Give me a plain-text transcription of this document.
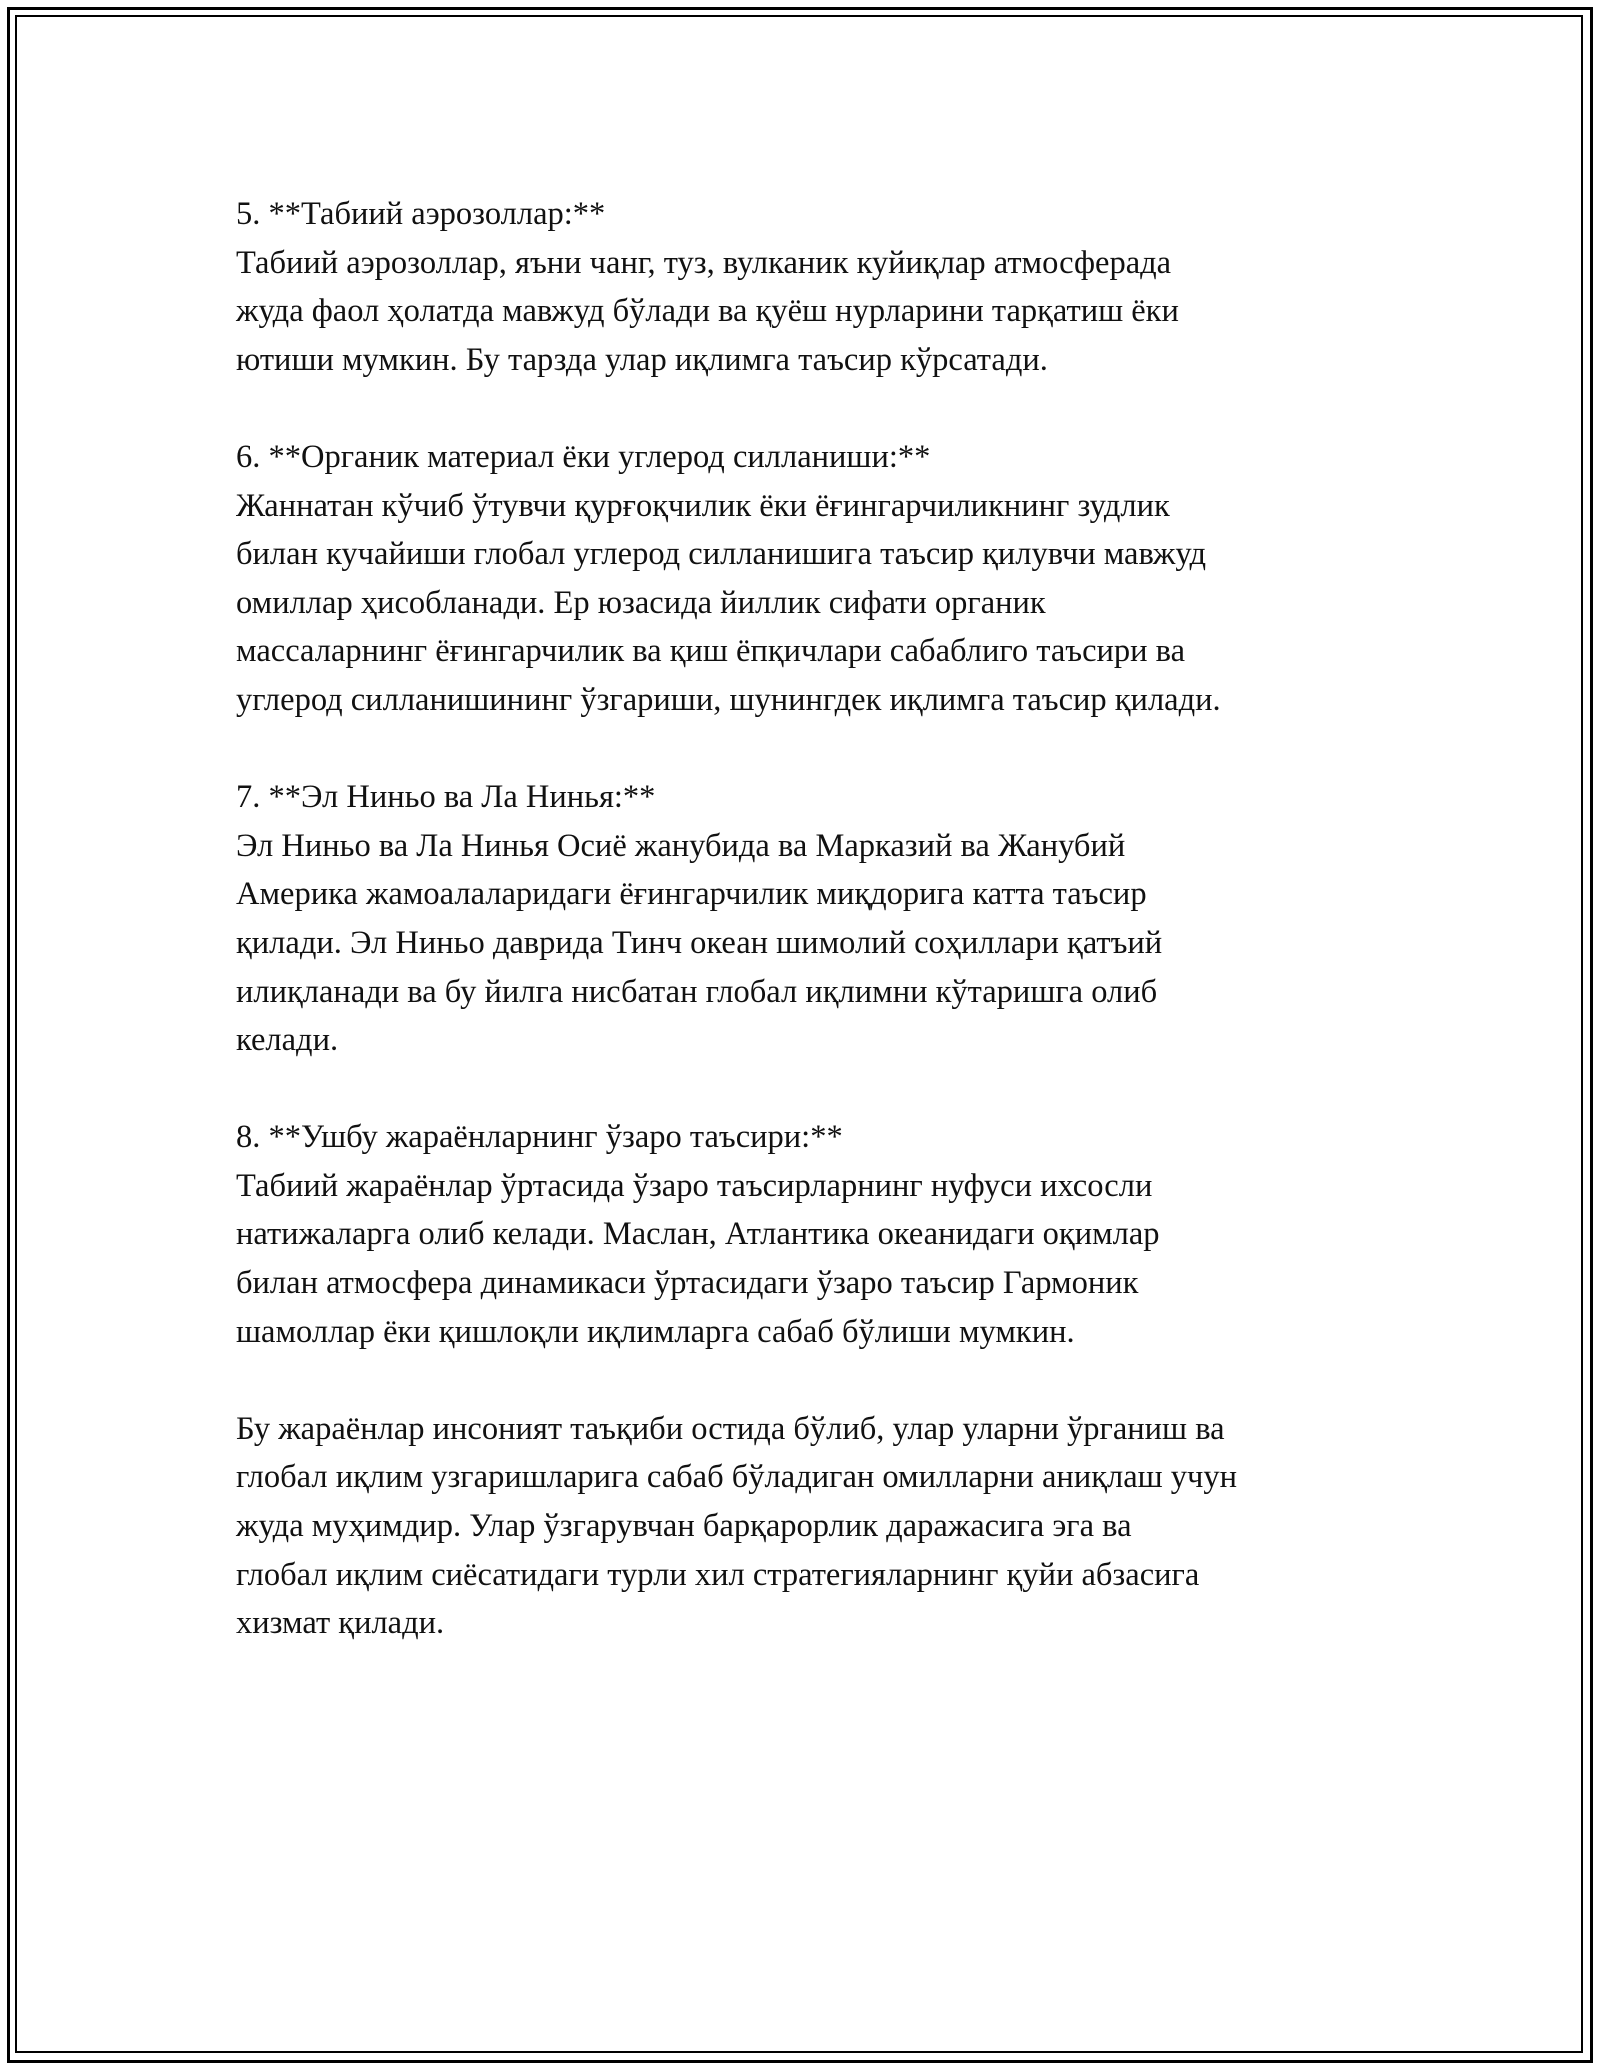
5. **Табиий аэрозоллар:**
Табиий аэрозоллар, яъни чанг, туз, вулканик куйиқлар атмосферада
жуда фаол ҳолатда мавжуд бўлади ва қуёш нурларини тарқатиш ёки
ютиши мумкин. Бу тарзда улар иқлимга таъсир кўрсатади.
6. **Органик материал ёки углерод силланиши:**
Жаннатан кўчиб ўтувчи қурғоқчилик ёки ёғингарчиликнинг зудлик
билан кучайиши глобал углерод силланишига таъсир қилувчи мавжуд
омиллар ҳисобланади. Ер юзасида йиллик сифати органик
массаларнинг ёғингарчилик ва қиш ёпқичлари сабаблиго таъсири ва
углерод силланишининг ўзгариши, шунингдек иқлимга таъсир қилади.
7. **Эл Ниньо ва Ла Нинья:**
Эл Ниньо ва Ла Нинья Осиё жанубида ва Марказий ва Жанубий
Америка жамоалаларидаги ёғингарчилик миқдорига катта таъсир
қилади. Эл Ниньо даврида Тинч океан шимолий соҳиллари қатъий
илиқланади ва бу йилга нисбатан глобал иқлимни кўтаришга олиб
келади.
8. **Ушбу жараёнларнинг ўзаро таъсири:**
Табиий жараёнлар ўртасида ўзаро таъсирларнинг нуфуси ихсосли
натижаларга олиб келади. Маслан, Атлантика океанидаги оқимлар
билан атмосфера динамикаси ўртасидаги ўзаро таъсир Гармоник
шамоллар ёки қишлоқли иқлимларга сабаб бўлиши мумкин.
Бу жараёнлар инсоният таъқиби остида бўлиб, улар уларни ўрганиш ва
глобал иқлим узгаришларига сабаб бўладиган омилларни аниқлаш учун
жуда муҳимдир. Улар ўзгарувчан барқарорлик даражасига эга ва
глобал иқлим сиёсатидаги турли хил стратегияларнинг қуйи абзасига
хизмат қилади.
